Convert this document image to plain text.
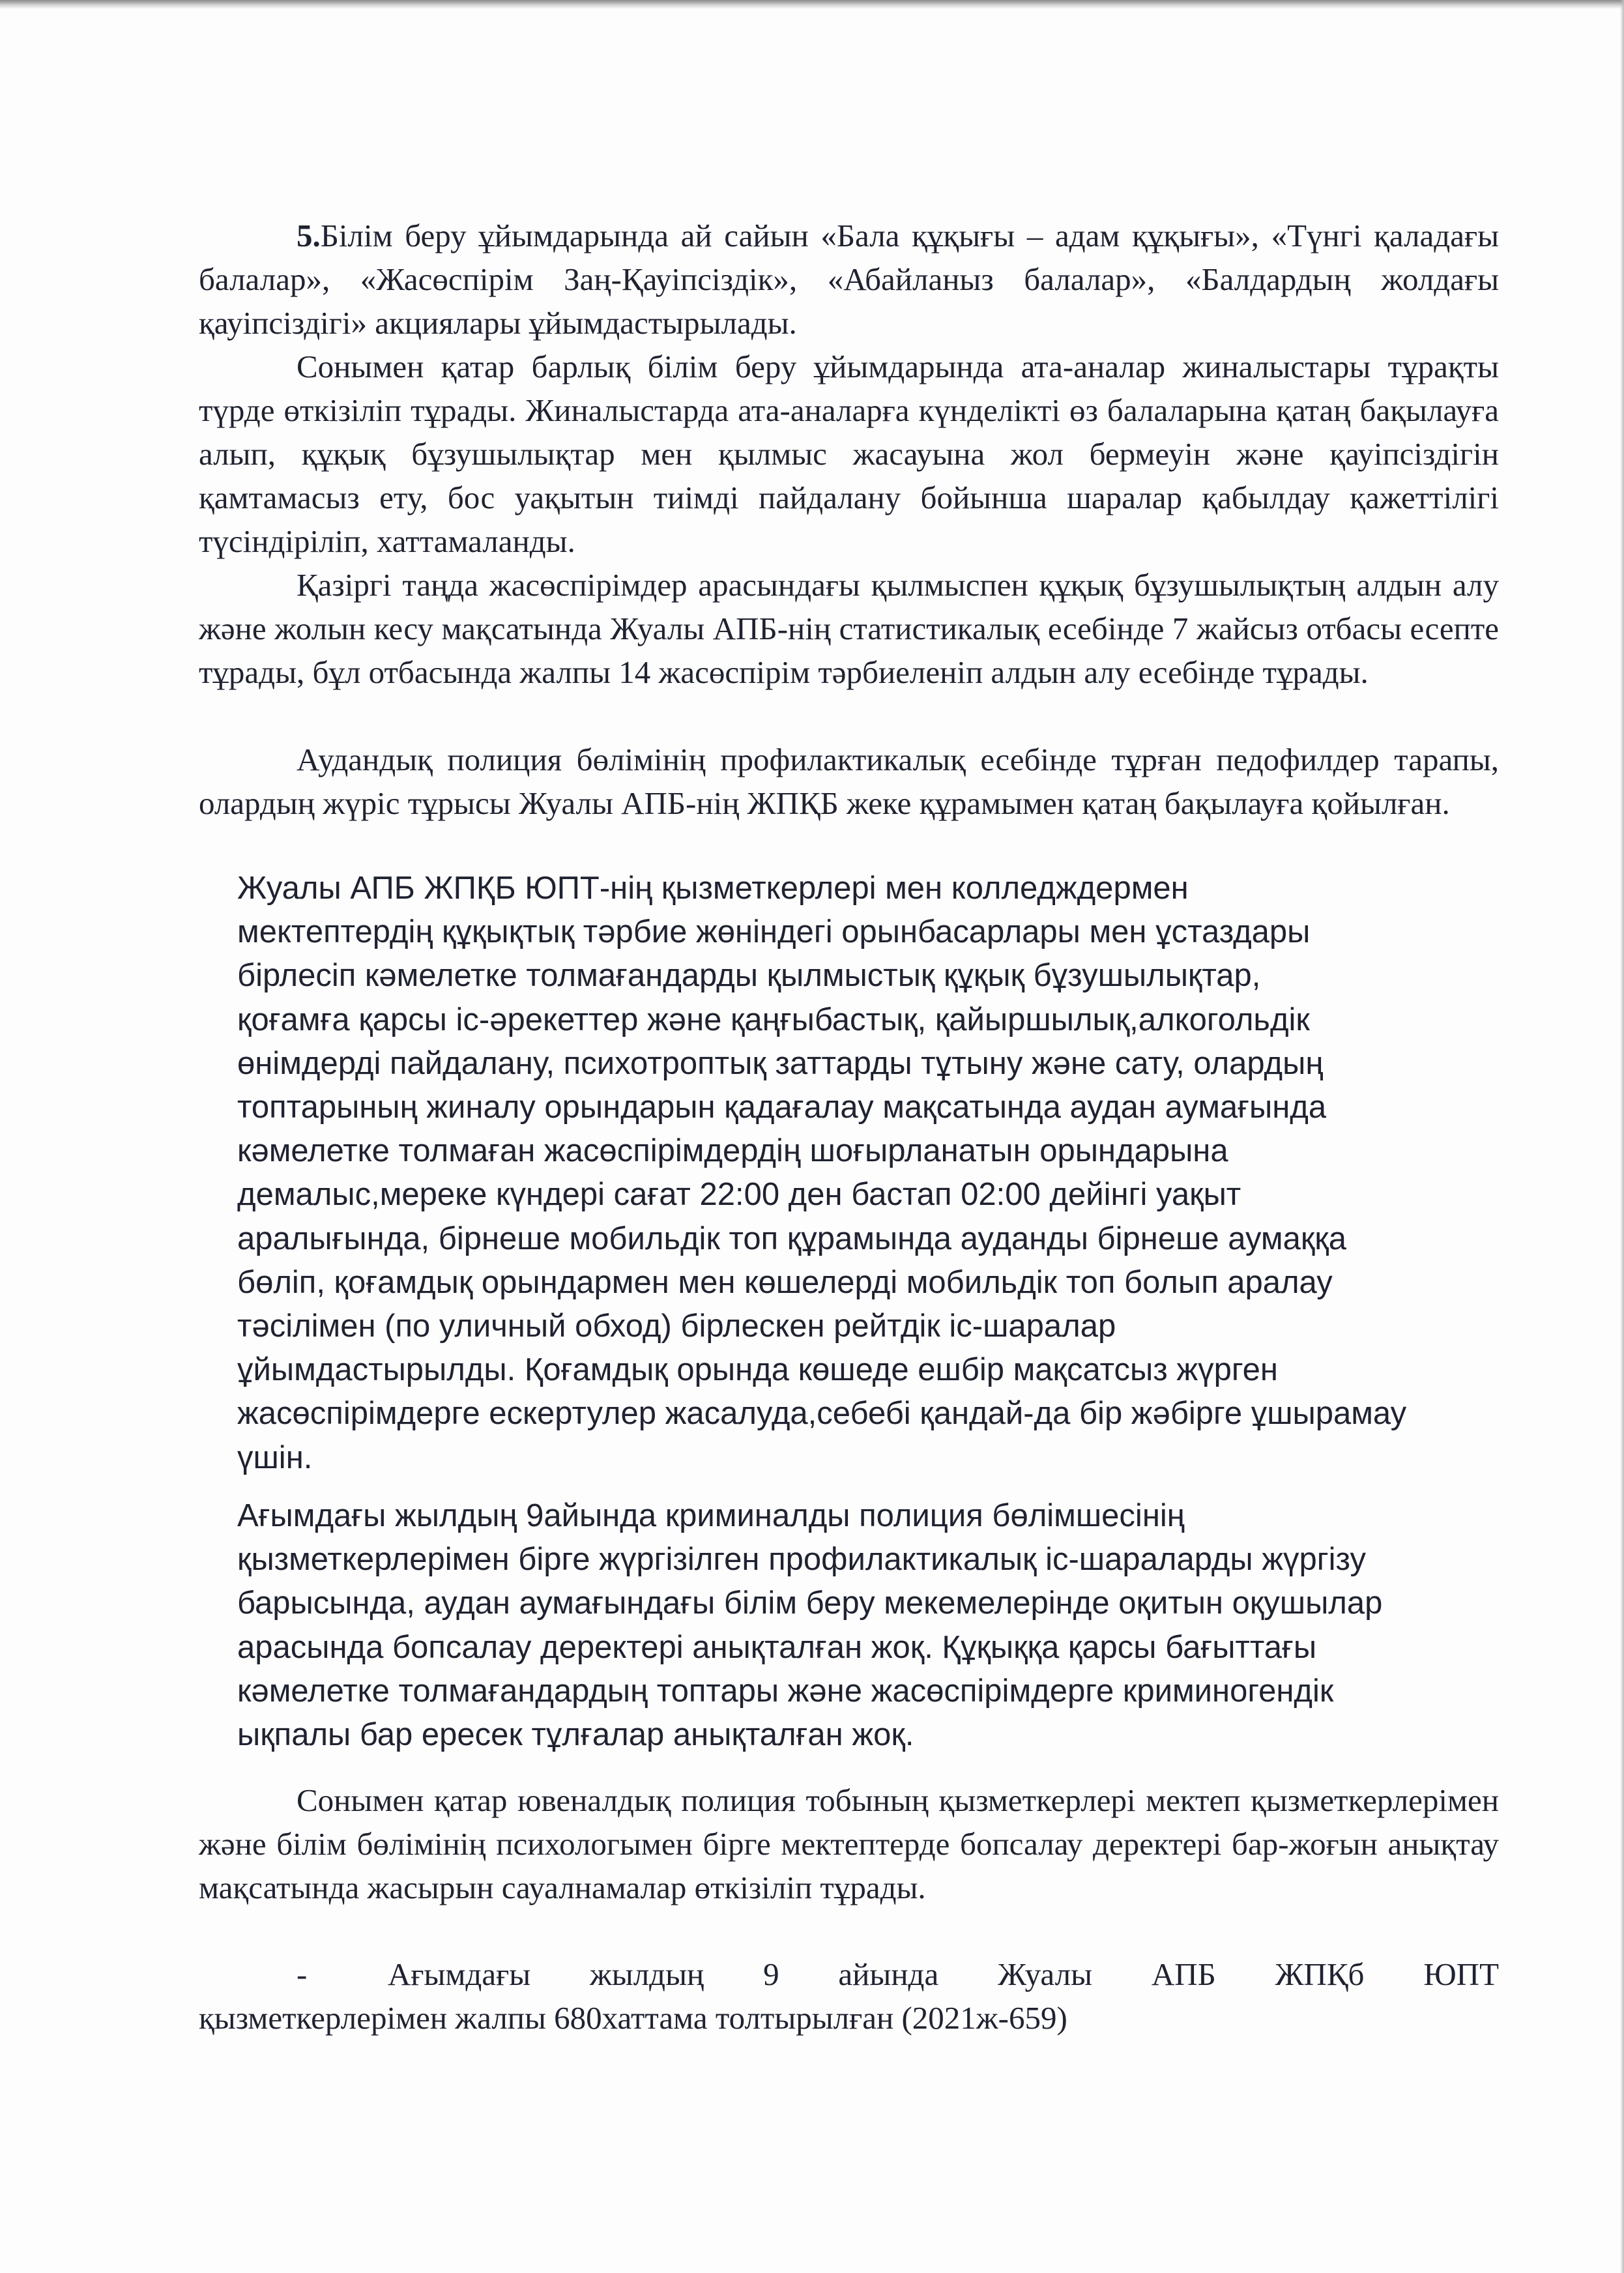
5.Білім беру ұйымдарында ай сайын «Бала құқығы – адам құқығы», «Түнгі қаладағы балалар», «Жасөспірім Заң-Қауіпсіздік», «Абайланыз балалар», «Балдардың жолдағы қауіпсіздігі» акциялары ұйымдастырылады.

Сонымен қатар барлық білім беру ұйымдарында ата-аналар жиналыстары тұрақты түрде өткізіліп тұрады. Жиналыстарда ата-аналарға күнделікті өз балаларына қатаң бақылауға алып, құқық бұзушылықтар мен қылмыс жасауына жол бермеуін және қауіпсіздігін қамтамасыз ету, бос уақытын тиімді пайдалану бойынша шаралар қабылдау қажеттілігі түсіндіріліп, хаттамаланды.

Қазіргі таңда жасөспірімдер арасындағы қылмыспен құқық бұзушылықтың алдын алу және жолын кесу мақсатында Жуалы АПБ-нің статистикалық есебінде 7 жайсыз отбасы есепте тұрады, бұл отбасында жалпы 14 жасөспірім тәрбиеленіп алдын алу есебінде тұрады.

Аудандық полиция бөлімінің профилактикалық есебінде тұрған педофилдер тарапы, олардың жүріс тұрысы Жуалы АПБ-нің ЖПҚБ жеке құрамымен қатаң бақылауға қойылған.

Жуалы АПБ ЖПҚБ ЮПТ-нің қызметкерлері мен колледждермен
мектептердің құқықтық тәрбие жөніндегі орынбасарлары мен ұстаздары
бірлесіп кәмелетке толмағандарды қылмыстық құқық бұзушылықтар,
қоғамға қарсы іс-әрекеттер және қаңғыбастық, қайыршылық,алкогольдік
өнімдерді пайдалану, психотроптық заттарды тұтыну және сату, олардың
топтарының жиналу орындарын қадағалау мақсатында аудан аумағында
кәмелетке толмаған жасөспірімдердің шоғырланатын орындарына
демалыс,мереке күндері сағат 22:00 ден бастап 02:00 дейінгі уақыт
аралығында, бірнеше мобильдік топ құрамында ауданды бірнеше аумаққа
бөліп, қоғамдық орындармен мен көшелерді мобильдік топ болып аралау
тәсілімен (по уличный обход) бірлескен рейтдік іс-шаралар
ұйымдастырылды. Қоғамдық орында көшеде ешбір мақсатсыз жүрген
жасөспірімдерге ескертулер жасалуда,себебі қандай-да бір жәбірге ұшырамау
үшін.
Ағымдағы жылдың 9айында криминалды полиция бөлімшесінің
қызметкерлерімен бірге жүргізілген профилактикалық іс-шараларды жүргізу
барысында, аудан аумағындағы білім беру мекемелерінде оқитын оқушылар
арасында бопсалау деректері анықталған жоқ. Құқыққа қарсы бағыттағы
кәмелетке толмағандардың топтары және жасөспірімдерге криминогендік
ықпалы бар ересек тұлғалар анықталған жоқ.

Сонымен қатар ювеналдық полиция тобының қызметкерлері мектеп қызметкерлерімен және білім бөлімінің психологымен бірге мектептерде бопсалау деректері бар-жоғын анықтау мақсатында жасырын сауалнамалар өткізіліп тұрады.

-	Ағымдағы жылдың 9 айында Жуалы АПБ ЖПҚб ЮПТ
қызметкерлерімен жалпы 680хаттама толтырылған (2021ж-659)
